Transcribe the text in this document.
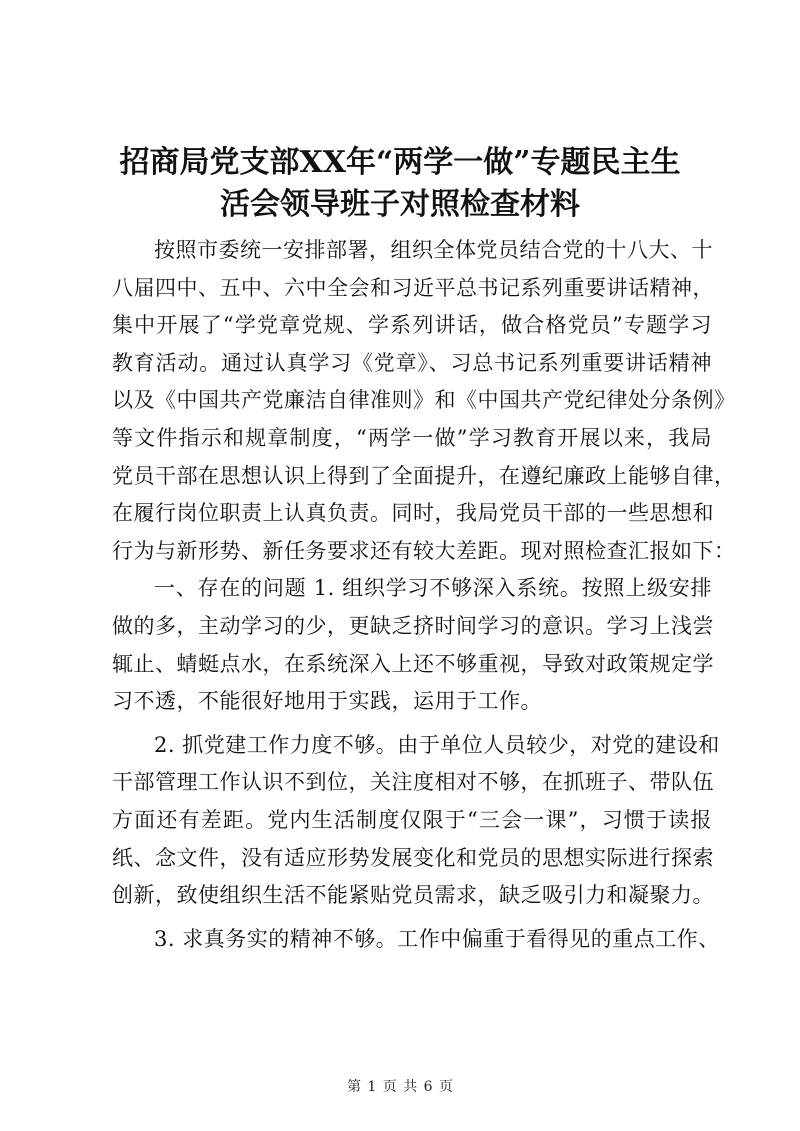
招商局党支部XX年“两学一做”专题民主生
活会领导班子对照检查材料
按照市委统一安排部署，组织全体党员结合党的十八大、十
八届四中、五中、六中全会和习近平总书记系列重要讲话精神，
集中开展了“学党章党规、学系列讲话，做合格党员”专题学习
教育活动。通过认真学习《党章》、习总书记系列重要讲话精神
以及《中国共产党廉洁自律准则》和《中国共产党纪律处分条例》
等文件指示和规章制度，“两学一做”学习教育开展以来，我局
党员干部在思想认识上得到了全面提升，在遵纪廉政上能够自律，
在履行岗位职责上认真负责。同时，我局党员干部的一些思想和
行为与新形势、新任务要求还有较大差距。现对照检查汇报如下：
一、存在的问题 1. 组织学习不够深入系统。按照上级安排
做的多，主动学习的少，更缺乏挤时间学习的意识。学习上浅尝
辄止、蜻蜓点水，在系统深入上还不够重视，导致对政策规定学
习不透，不能很好地用于实践，运用于工作。
2. 抓党建工作力度不够。由于单位人员较少，对党的建设和
干部管理工作认识不到位，关注度相对不够，在抓班子、带队伍
方面还有差距。党内生活制度仅限于“三会一课”，习惯于读报
纸、念文件，没有适应形势发展变化和党员的思想实际进行探索
创新，致使组织生活不能紧贴党员需求，缺乏吸引力和凝聚力。
3. 求真务实的精神不够。工作中偏重于看得见的重点工作、
第 1 页 共 6 页
